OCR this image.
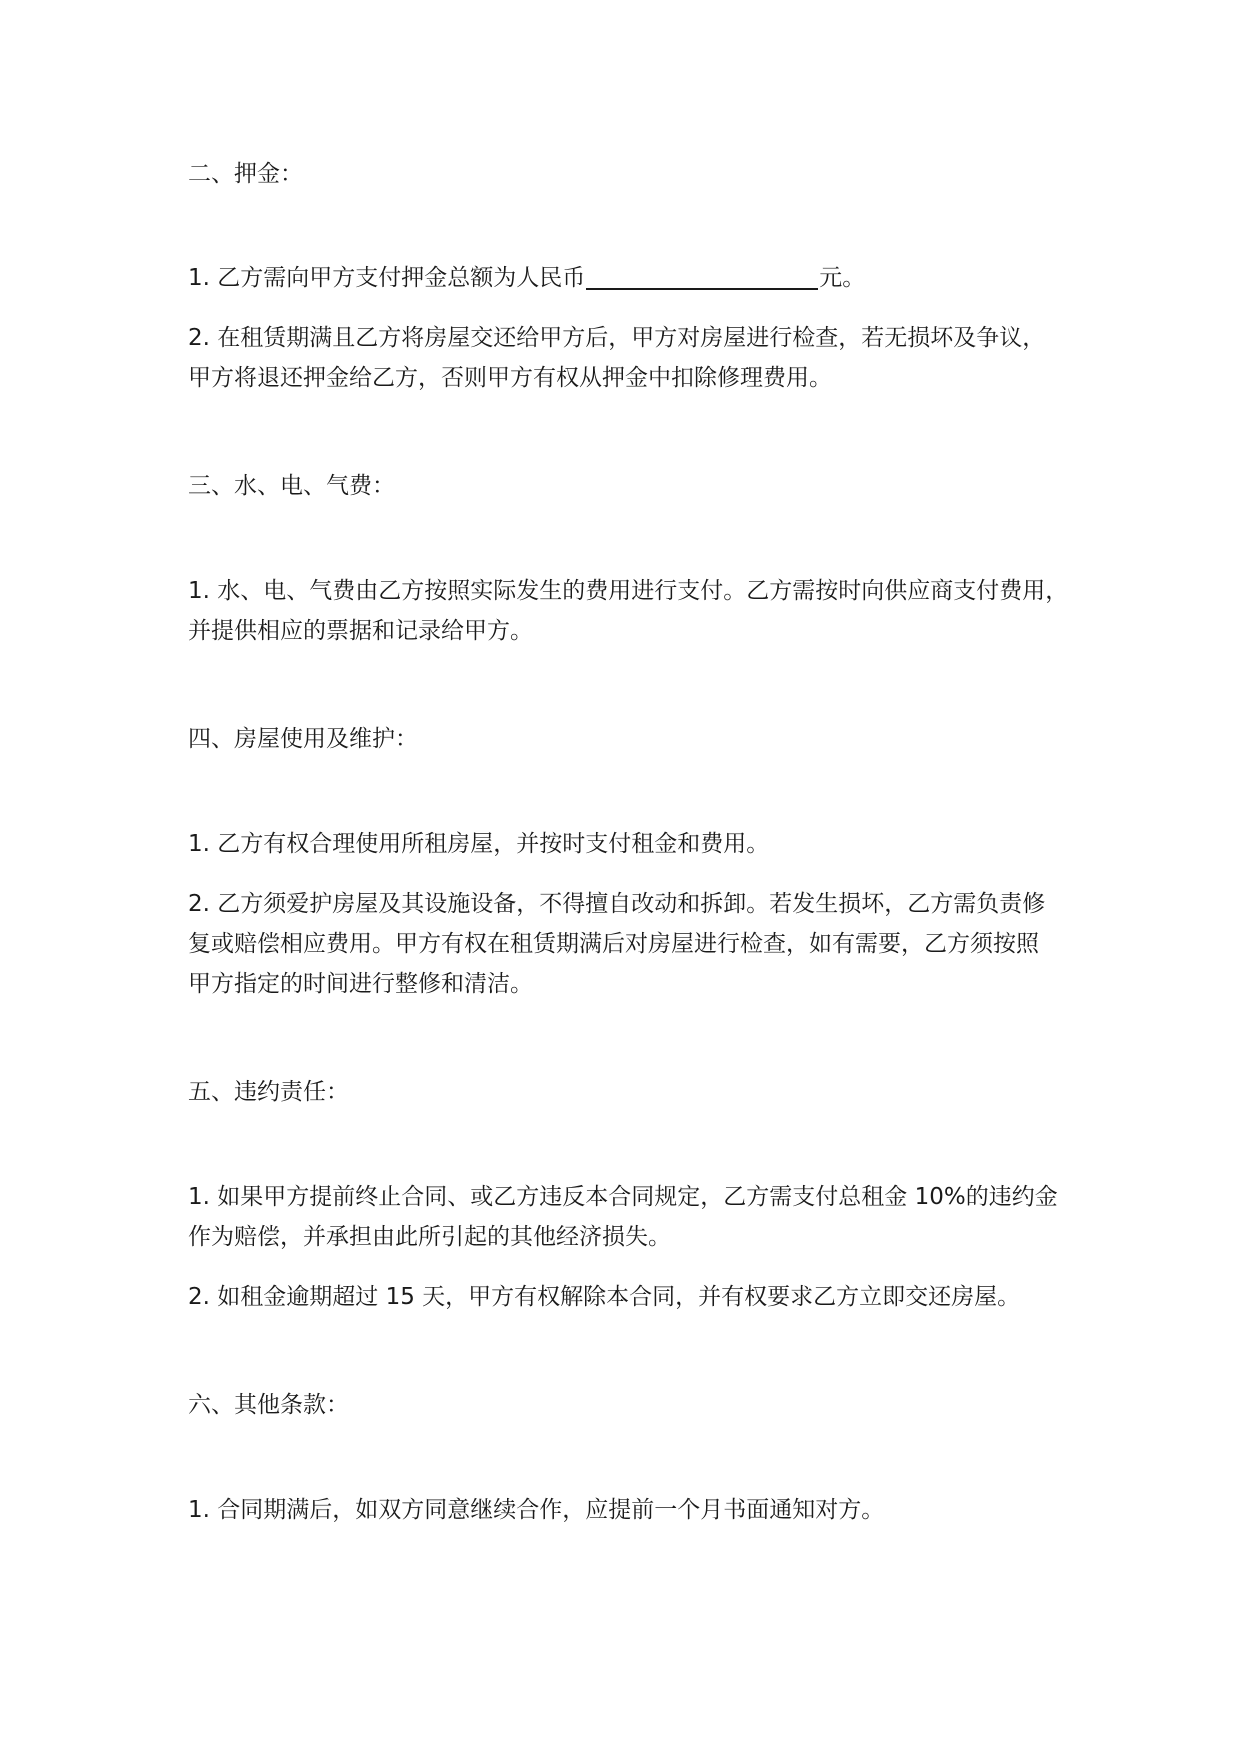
二、押金：

1. 乙方需向甲方支付押金总额为人民币	元。

2. 在租赁期满且乙方将房屋交还给甲方后，甲方对房屋进行检查，若无损坏及争议，

甲方将退还押金给乙方，否则甲方有权从押金中扣除修理费用。

三、水、电、气费：

1. 水、电、气费由乙方按照实际发生的费用进行支付。乙方需按时向供应商支付费用，

并提供相应的票据和记录给甲方。

四、房屋使用及维护：

1. 乙方有权合理使用所租房屋，并按时支付租金和费用。

2. 乙方须爱护房屋及其设施设备，不得擅自改动和拆卸。若发生损坏，乙方需负责修

复或赔偿相应费用。甲方有权在租赁期满后对房屋进行检查，如有需要，乙方须按照

甲方指定的时间进行整修和清洁。

五、违约责任：

1. 如果甲方提前终止合同、或乙方违反本合同规定，乙方需支付总租金 10%的违约金

作为赔偿，并承担由此所引起的其他经济损失。

2. 如租金逾期超过 15 天，甲方有权解除本合同，并有权要求乙方立即交还房屋。

六、其他条款：

1. 合同期满后，如双方同意继续合作，应提前一个月书面通知对方。
